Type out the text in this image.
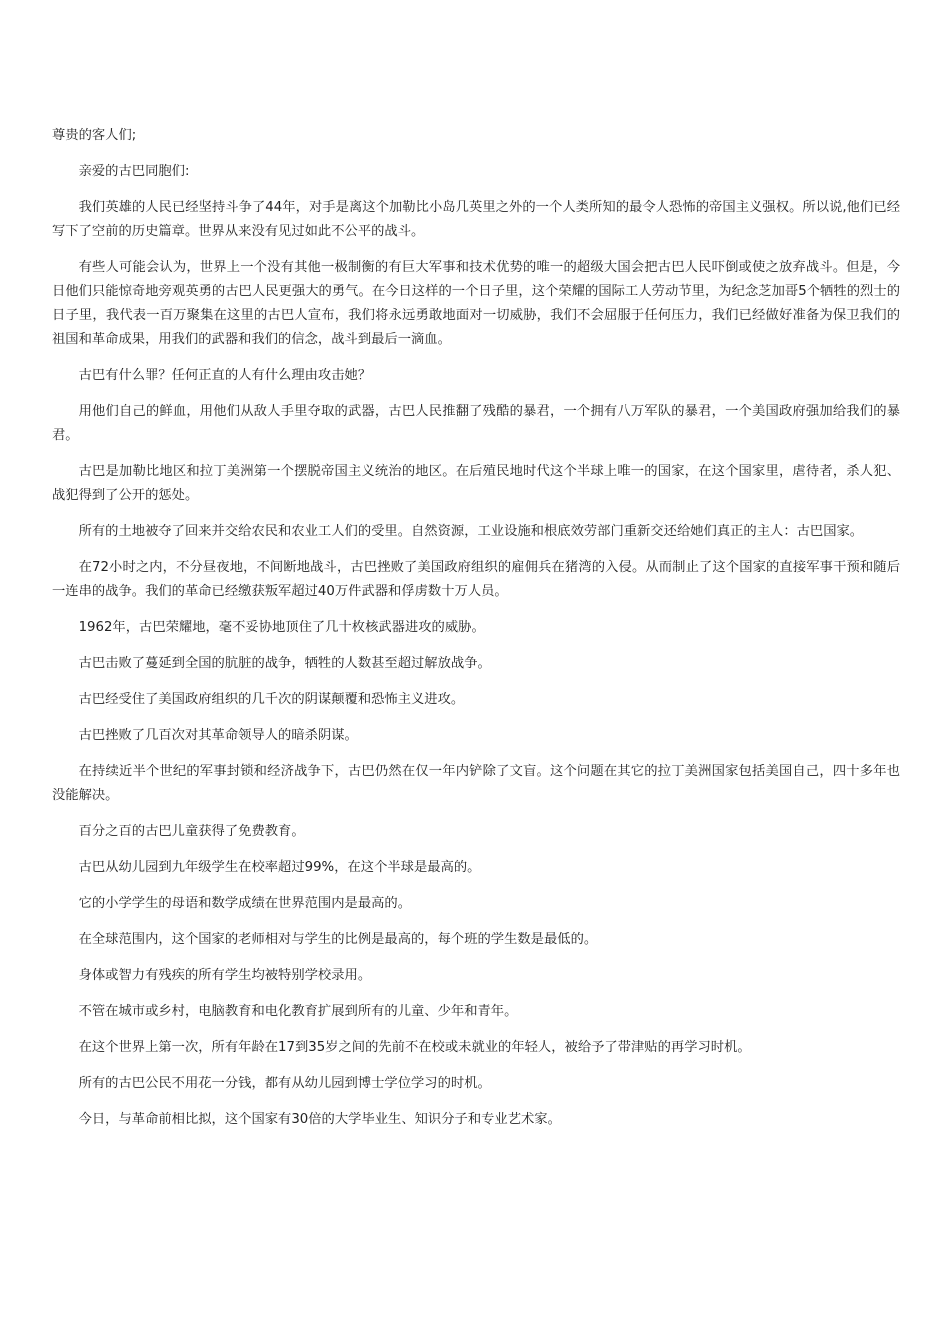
尊贵的客人们;

亲爱的古巴同胞们:

我们英雄的人民已经坚持斗争了44年，对手是离这个加勒比小岛几英里之外的一个人类所知的最令人恐怖的帝国主义强权。所以说,他们已经写下了空前的历史篇章。世界从来没有见过如此不公平的战斗。

有些人可能会认为，世界上一个没有其他一极制衡的有巨大军事和技术优势的唯一的超级大国会把古巴人民吓倒或使之放弃战斗。但是，今日他们只能惊奇地旁观英勇的古巴人民更强大的勇气。在今日这样的一个日子里，这个荣耀的国际工人劳动节里，为纪念芝加哥5个牺牲的烈士的日子里，我代表一百万聚集在这里的古巴人宣布，我们将永远勇敢地面对一切威胁，我们不会屈服于任何压力，我们已经做好准备为保卫我们的祖国和革命成果，用我们的武器和我们的信念，战斗到最后一滴血。

古巴有什么罪？任何正直的人有什么理由攻击她？

用他们自己的鲜血，用他们从敌人手里夺取的武器，古巴人民推翻了残酷的暴君，一个拥有八万军队的暴君，一个美国政府强加给我们的暴君。

古巴是加勒比地区和拉丁美洲第一个摆脱帝国主义统治的地区。在后殖民地时代这个半球上唯一的国家，在这个国家里，虐待者，杀人犯、战犯得到了公开的惩处。

所有的土地被夺了回来并交给农民和农业工人们的受里。自然资源，工业设施和根底效劳部门重新交还给她们真正的主人：古巴国家。

在72小时之内，不分昼夜地，不间断地战斗，古巴挫败了美国政府组织的雇佣兵在猪湾的入侵。从而制止了这个国家的直接军事干预和随后一连串的战争。我们的革命已经缴获叛军超过40万件武器和俘虏数十万人员。

1962年，古巴荣耀地，毫不妥协地顶住了几十枚核武器进攻的威胁。

古巴击败了蔓延到全国的肮脏的战争，牺牲的人数甚至超过解放战争。

古巴经受住了美国政府组织的几千次的阴谋颠覆和恐怖主义进攻。

古巴挫败了几百次对其革命领导人的暗杀阴谋。

在持续近半个世纪的军事封锁和经济战争下，古巴仍然在仅一年内铲除了文盲。这个问题在其它的拉丁美洲国家包括美国自己，四十多年也没能解决。

百分之百的古巴儿童获得了免费教育。

古巴从幼儿园到九年级学生在校率超过99%，在这个半球是最高的。

它的小学学生的母语和数学成绩在世界范围内是最高的。

在全球范围内，这个国家的老师相对与学生的比例是最高的，每个班的学生数是最低的。

身体或智力有残疾的所有学生均被特别学校录用。

不管在城市或乡村，电脑教育和电化教育扩展到所有的儿童、少年和青年。

在这个世界上第一次，所有年龄在17到35岁之间的先前不在校或未就业的年轻人，被给予了带津贴的再学习时机。

所有的古巴公民不用花一分钱，都有从幼儿园到博士学位学习的时机。

今日，与革命前相比拟，这个国家有30倍的大学毕业生、知识分子和专业艺术家。
